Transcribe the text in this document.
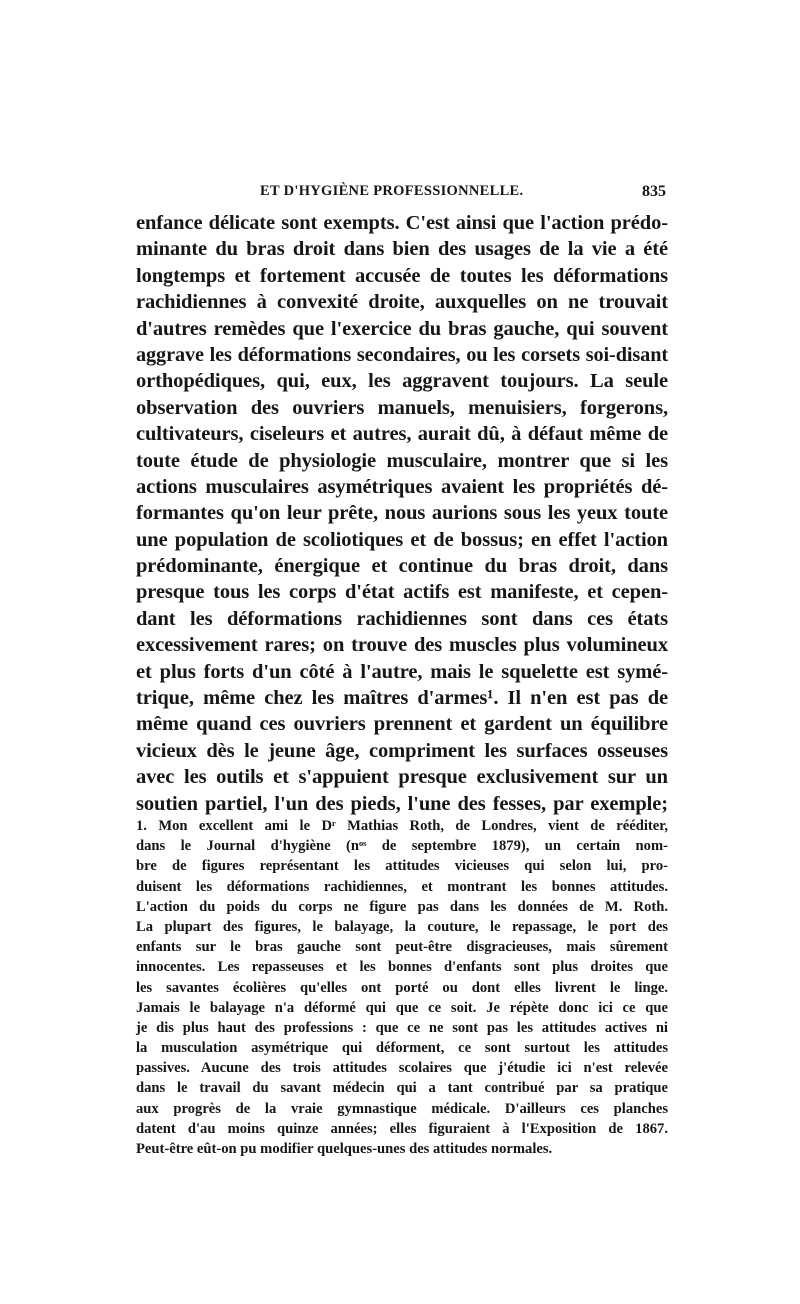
ET D'HYGIÈNE PROFESSIONNELLE.	835
enfance délicate sont exempts. C'est ainsi que l'action prédo-
minante du bras droit dans bien des usages de la vie a été
longtemps et fortement accusée de toutes les déformations
rachidiennes à convexité droite, auxquelles on ne trouvait
d'autres remèdes que l'exercice du bras gauche, qui souvent
aggrave les déformations secondaires, ou les corsets soi-disant
orthopédiques, qui, eux, les aggravent toujours. La seule
observation des ouvriers manuels, menuisiers, forgerons,
cultivateurs, ciseleurs et autres, aurait dû, à défaut même de
toute étude de physiologie musculaire, montrer que si les
actions musculaires asymétriques avaient les propriétés dé-
formantes qu'on leur prête, nous aurions sous les yeux toute
une population de scoliotiques et de bossus; en effet l'action
prédominante, énergique et continue du bras droit, dans
presque tous les corps d'état actifs est manifeste, et cepen-
dant les déformations rachidiennes sont dans ces états
excessivement rares; on trouve des muscles plus volumineux
et plus forts d'un côté à l'autre, mais le squelette est symé-
trique, même chez les maîtres d'armes¹. Il n'en est pas de
même quand ces ouvriers prennent et gardent un équilibre
vicieux dès le jeune âge, compriment les surfaces osseuses
avec les outils et s'appuient presque exclusivement sur un
soutien partiel, l'un des pieds, l'une des fesses, par exemple;
1. Mon excellent ami le Dʳ Mathias Roth, de Londres, vient de rééditer,
dans le Journal d'hygiène (nᵒˢ de septembre 1879), un certain nom-
bre de figures représentant les attitudes vicieuses qui selon lui, pro-
duisent les déformations rachidiennes, et montrant les bonnes attitudes.
L'action du poids du corps ne figure pas dans les données de M. Roth.
La plupart des figures, le balayage, la couture, le repassage, le port des
enfants sur le bras gauche sont peut-être disgracieuses, mais sûrement
innocentes. Les repasseuses et les bonnes d'enfants sont plus droites que
les savantes écolières qu'elles ont porté ou dont elles livrent le linge.
Jamais le balayage n'a déformé qui que ce soit. Je répète donc ici ce que
je dis plus haut des professions : que ce ne sont pas les attitudes actives ni
la musculation asymétrique qui déforment, ce sont surtout les attitudes
passives. Aucune des trois attitudes scolaires que j'étudie ici n'est relevée
dans le travail du savant médecin qui a tant contribué par sa pratique
aux progrès de la vraie gymnastique médicale. D'ailleurs ces planches
datent d'au moins quinze années; elles figuraient à l'Exposition de 1867.
Peut-être eût-on pu modifier quelques-unes des attitudes normales.
